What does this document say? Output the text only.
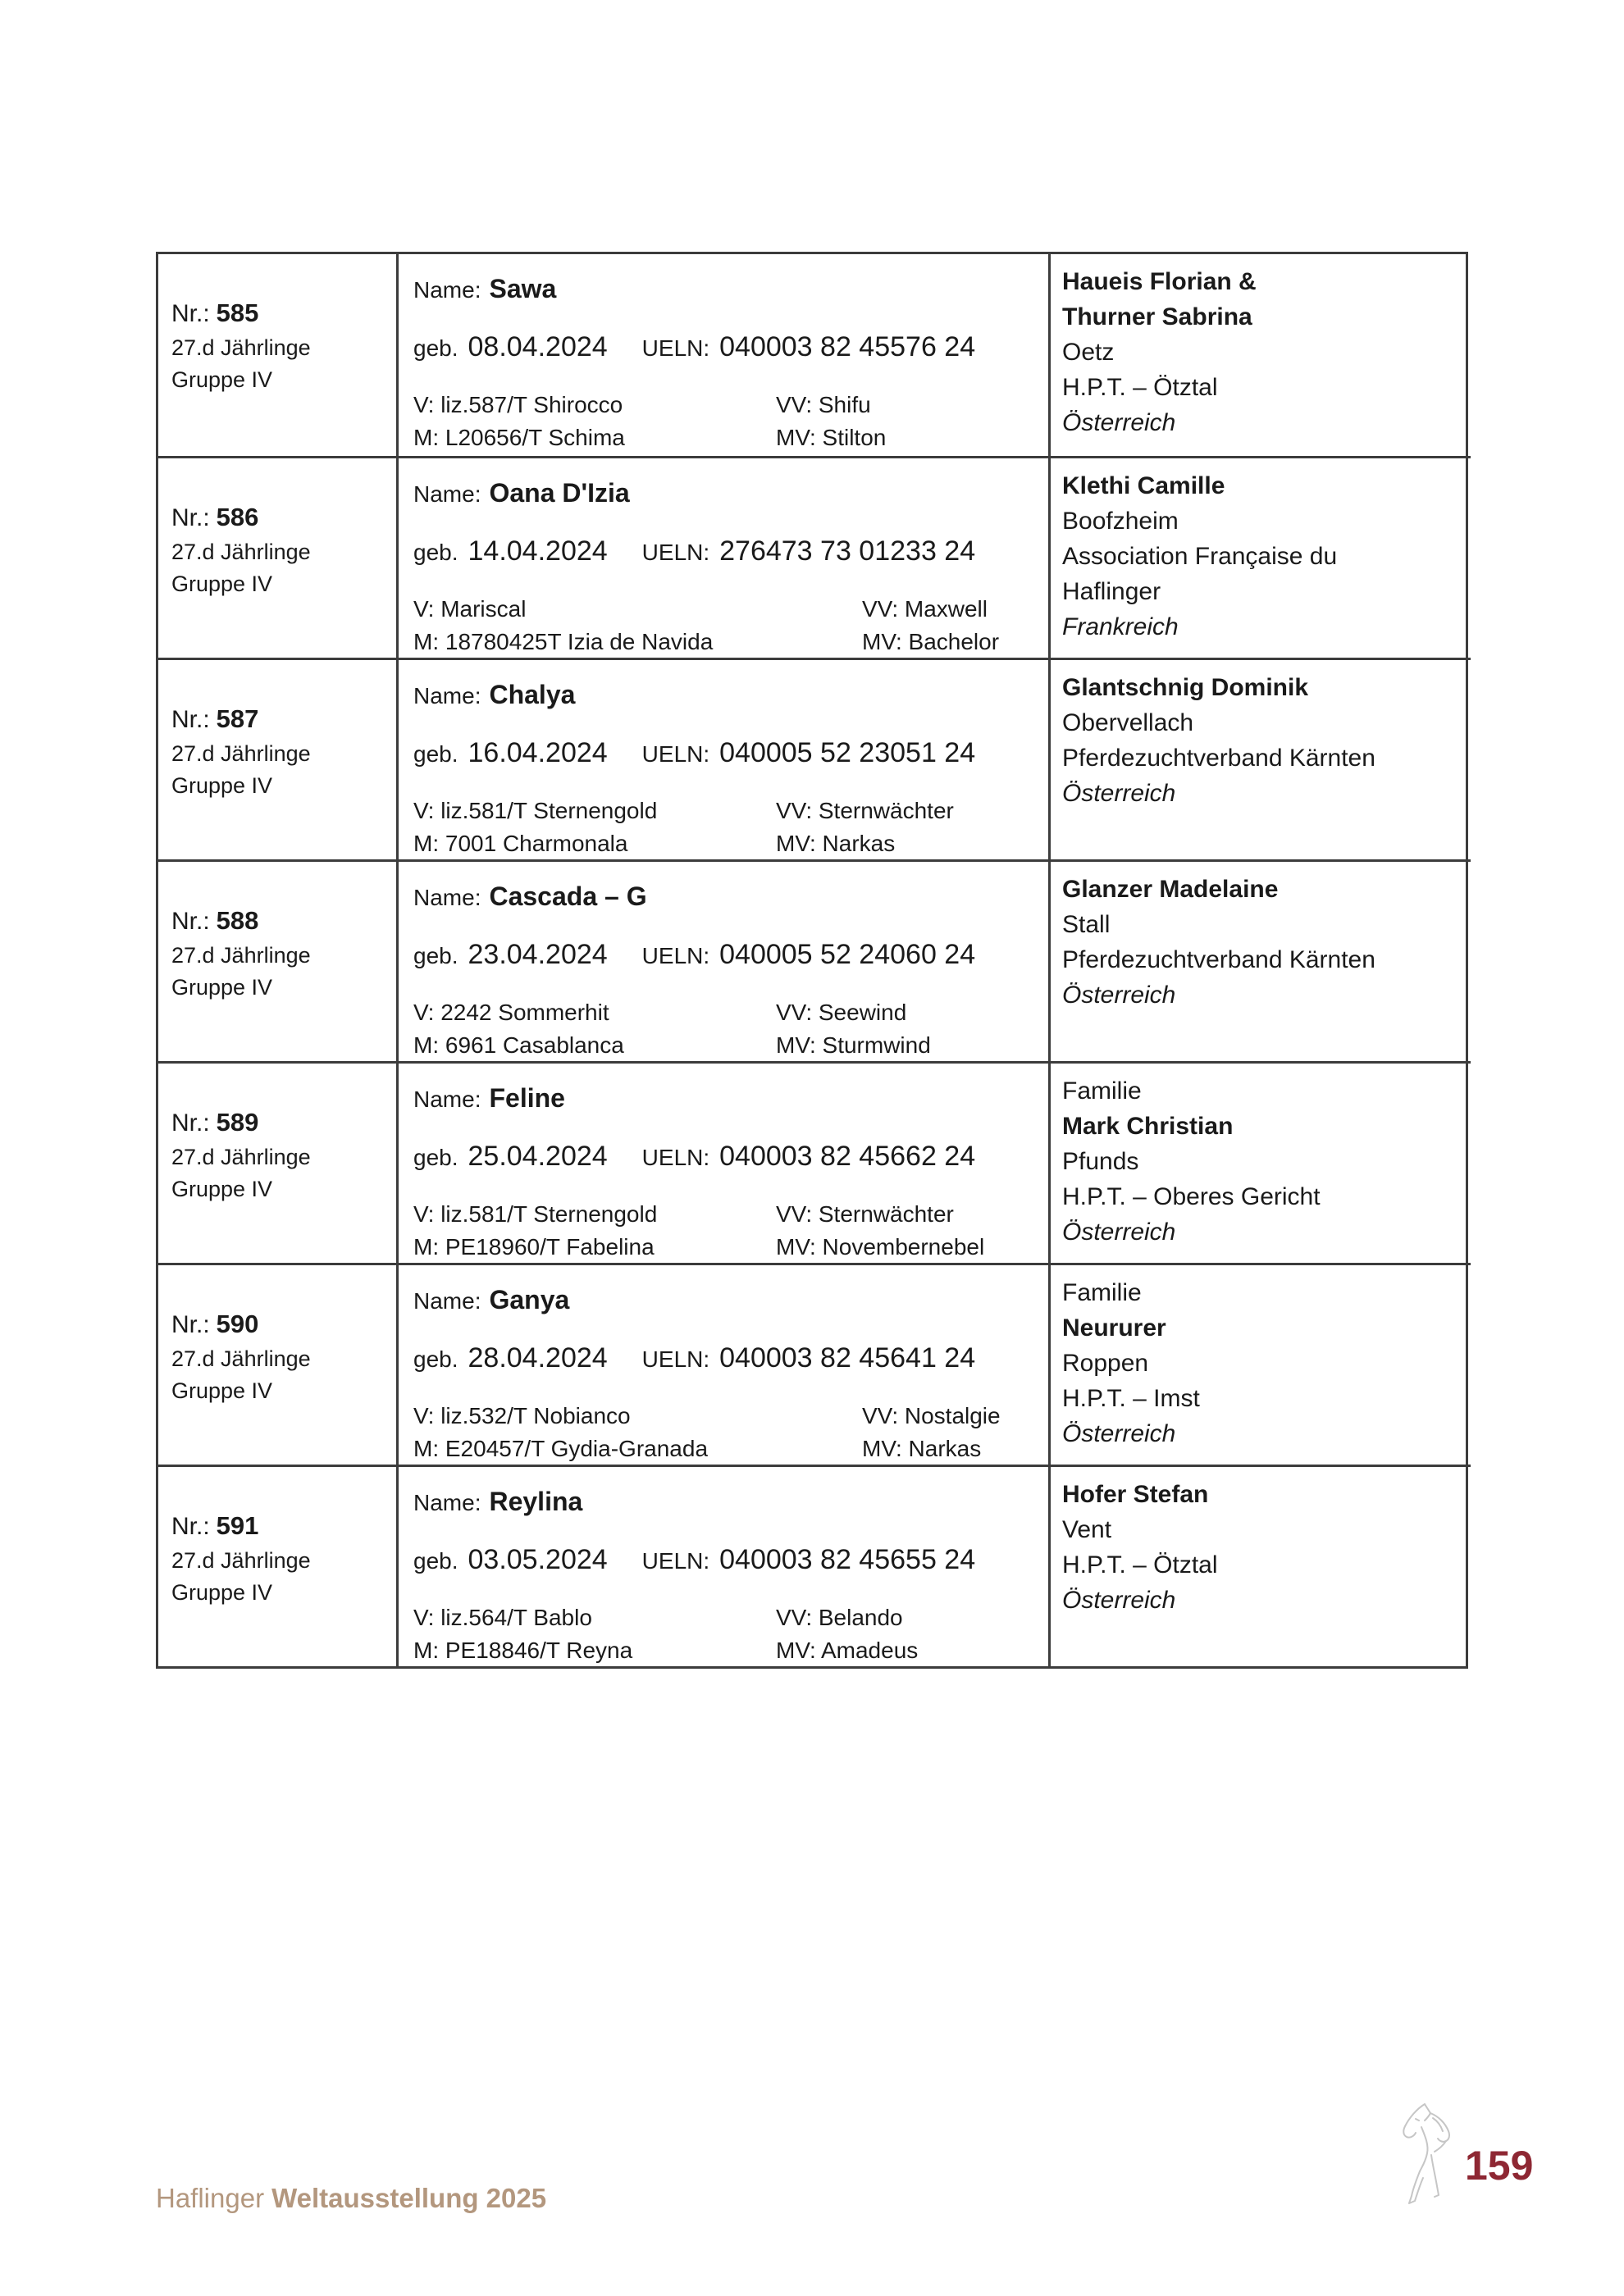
Nr.: 585
27.d Jährlinge
Gruppe IV
Name: Sawa
geb. 08.04.2024 UELN: 040003 82 45576 24
V: liz.587/T Shirocco	VV: Shifu
M: L20656/T Schima	MV: Stilton
Haueis Florian &
Thurner Sabrina
Oetz
H.P.T. – Ötztal
Österreich
Nr.: 586
27.d Jährlinge
Gruppe IV
Name: Oana D'Izia
geb. 14.04.2024 UELN: 276473 73 01233 24
V: Mariscal	VV: Maxwell
M: 18780425T Izia de Navida	MV: Bachelor
Klethi Camille
Boofzheim
Association Française du
Haflinger
Frankreich
Nr.: 587
27.d Jährlinge
Gruppe IV
Name: Chalya
geb. 16.04.2024 UELN: 040005 52 23051 24
V: liz.581/T Sternengold	VV: Sternwächter
M: 7001 Charmonala	MV: Narkas
Glantschnig Dominik
Obervellach
Pferdezuchtverband Kärnten
Österreich
Nr.: 588
27.d Jährlinge
Gruppe IV
Name: Cascada – G
geb. 23.04.2024 UELN: 040005 52 24060 24
V: 2242 Sommerhit	VV: Seewind
M: 6961 Casablanca	MV: Sturmwind
Glanzer Madelaine
Stall
Pferdezuchtverband Kärnten
Österreich
Nr.: 589
27.d Jährlinge
Gruppe IV
Name: Feline
geb. 25.04.2024 UELN: 040003 82 45662 24
V: liz.581/T Sternengold	VV: Sternwächter
M: PE18960/T Fabelina	MV: Novembernebel
Familie
Mark Christian
Pfunds
H.P.T. – Oberes Gericht
Österreich
Nr.: 590
27.d Jährlinge
Gruppe IV
Name: Ganya
geb. 28.04.2024 UELN: 040003 82 45641 24
V: liz.532/T Nobianco	VV: Nostalgie
M: E20457/T Gydia-Granada	MV: Narkas
Familie
Neururer
Roppen
H.P.T. – Imst
Österreich
Nr.: 591
27.d Jährlinge
Gruppe IV
Name: Reylina
geb. 03.05.2024 UELN: 040003 82 45655 24
V: liz.564/T Bablo	VV: Belando
M: PE18846/T Reyna	MV: Amadeus
Hofer Stefan
Vent
H.P.T. – Ötztal
Österreich
Haflinger Weltausstellung 2025
159
